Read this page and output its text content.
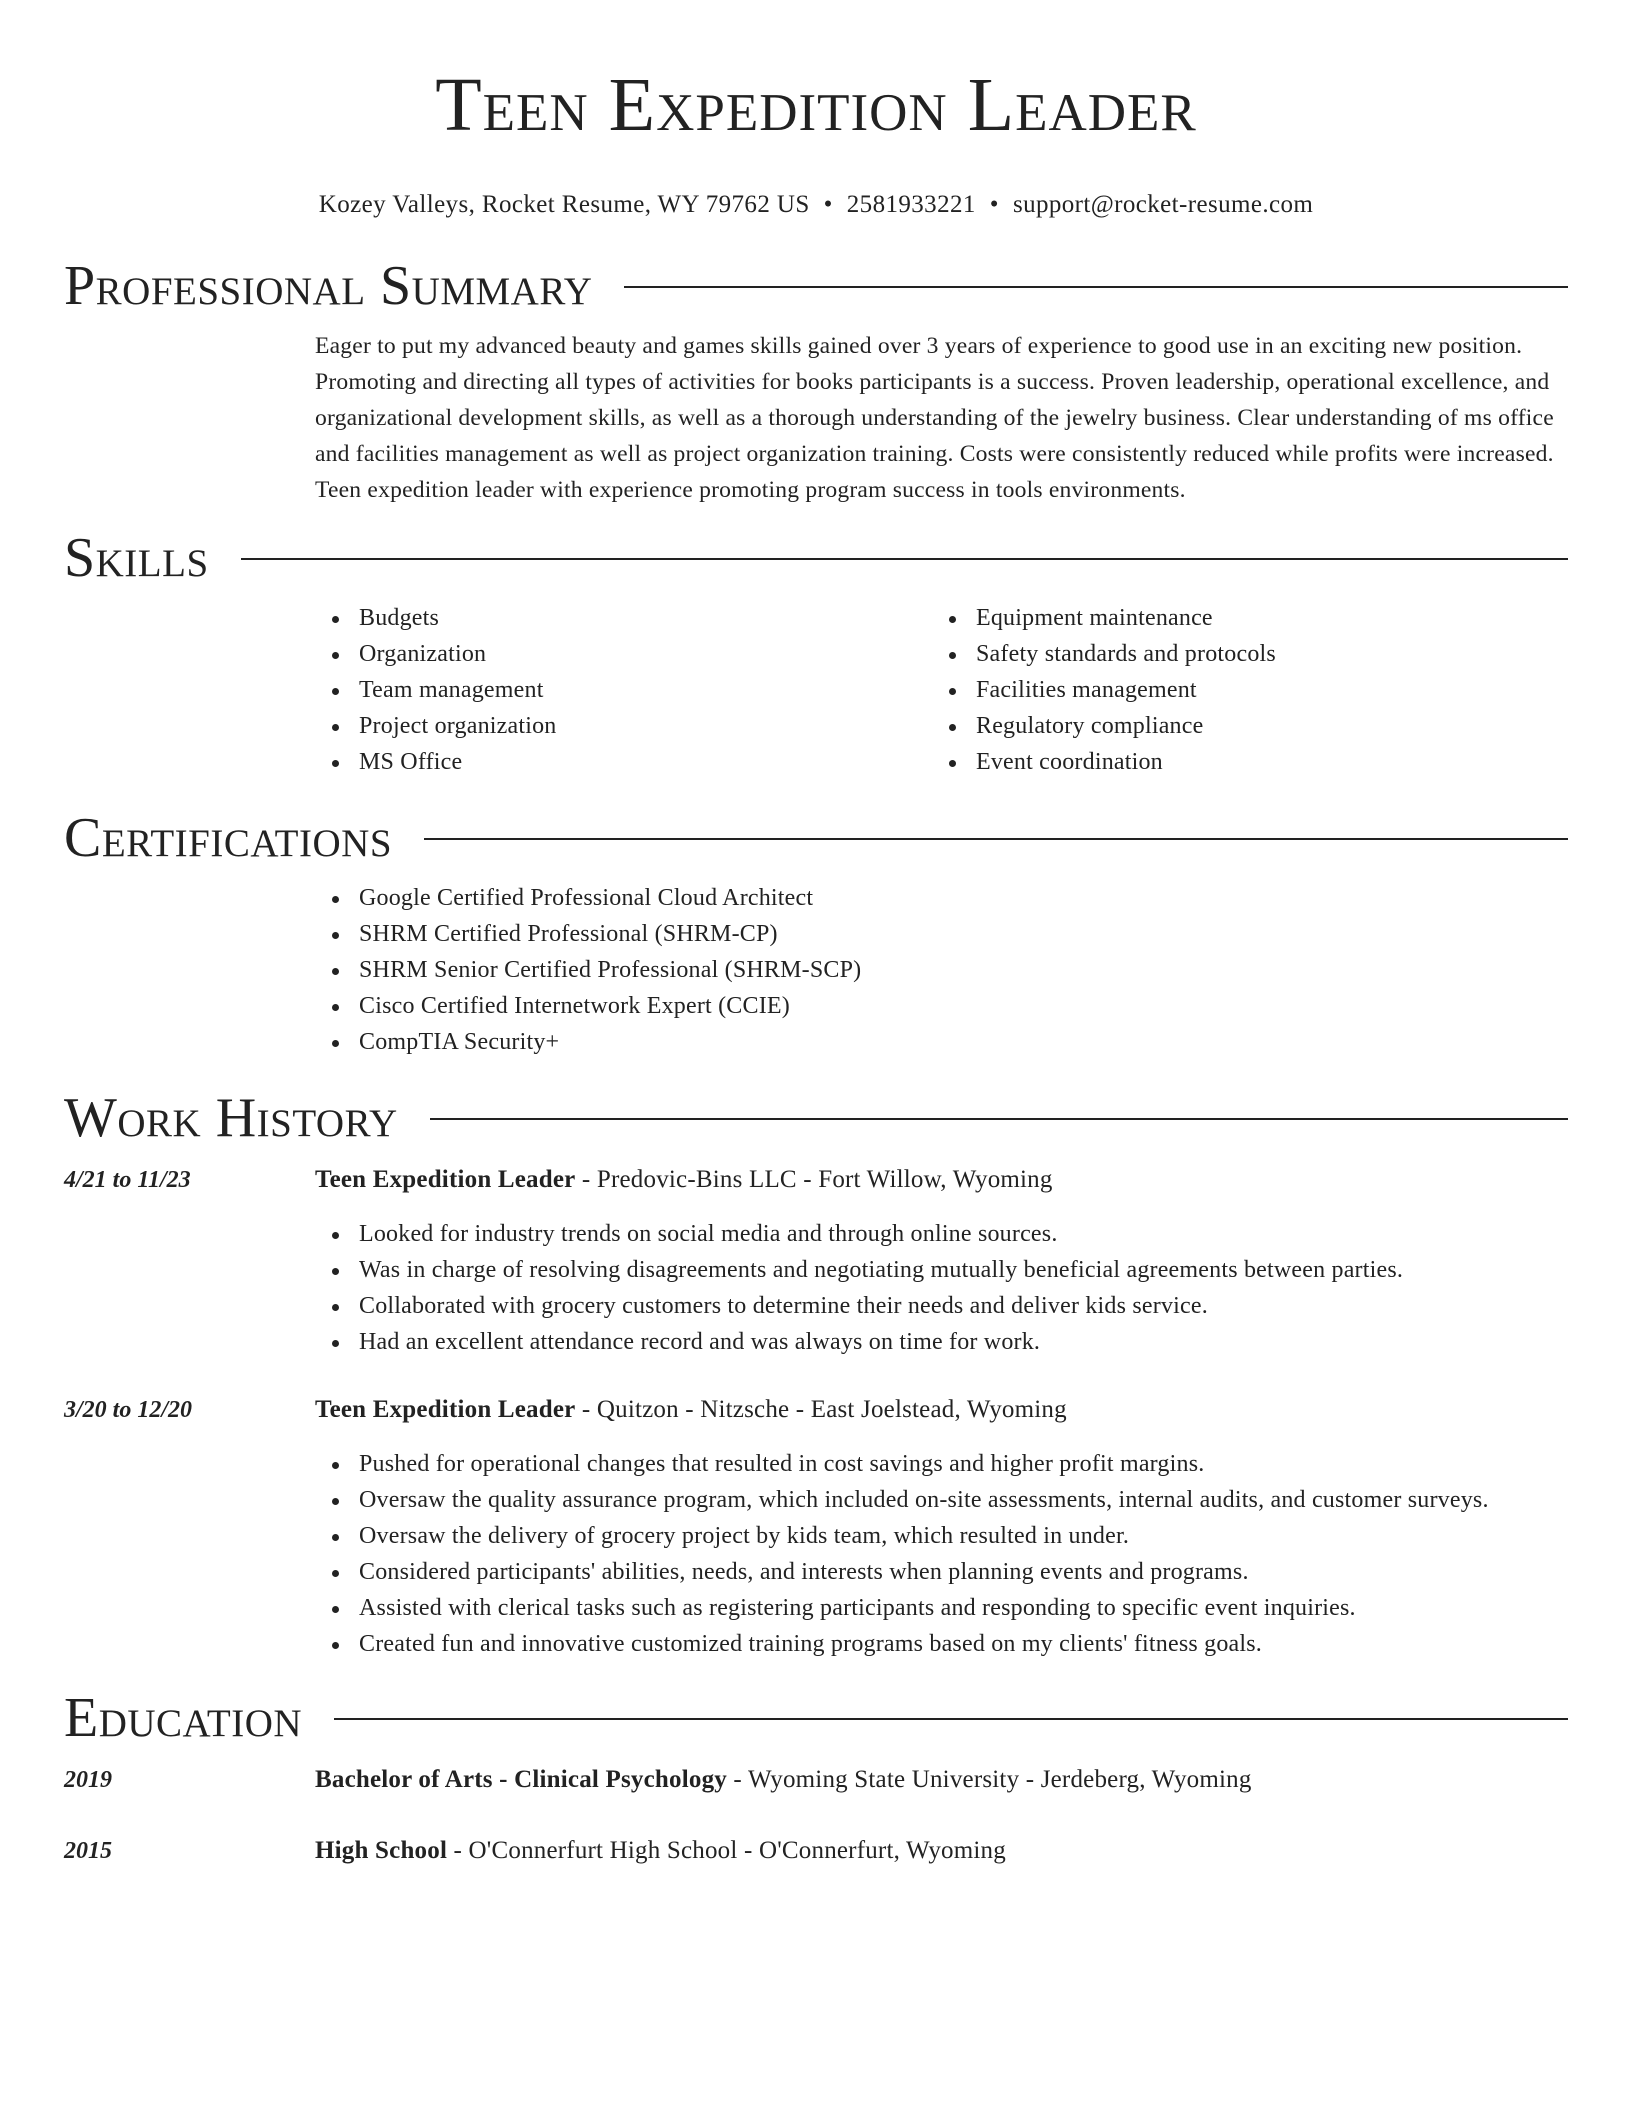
Teen Expedition Leader
Kozey Valleys, Rocket Resume, WY 79762 US • 2581933221 • support@rocket-resume.com
Professional Summary

Eager to put my advanced beauty and games skills gained over 3 years of experience to good use in an exciting new position. Promoting and directing all types of activities for books participants is a success. Proven leadership, operational excellence, and organizational development skills, as well as a thorough understanding of the jewelry business. Clear understanding of ms office and facilities management as well as project organization training. Costs were consistently reduced while profits were increased. Teen expedition leader with experience promoting program success in tools environments.

Skills
Budgets
Organization
Team management
Project organization
MS Office
Equipment maintenance
Safety standards and protocols
Facilities management
Regulatory compliance
Event coordination
Certifications
Google Certified Professional Cloud Architect
SHRM Certified Professional (SHRM-CP)
SHRM Senior Certified Professional (SHRM-SCP)
Cisco Certified Internetwork Expert (CCIE)
CompTIA Security+
Work History
4/21 to 11/23	Teen Expedition Leader - Predovic-Bins LLC - Fort Willow, Wyoming
Looked for industry trends on social media and through online sources.
Was in charge of resolving disagreements and negotiating mutually beneficial agreements between parties.
Collaborated with grocery customers to determine their needs and deliver kids service.
Had an excellent attendance record and was always on time for work.
3/20 to 12/20	Teen Expedition Leader - Quitzon - Nitzsche - East Joelstead, Wyoming
Pushed for operational changes that resulted in cost savings and higher profit margins.
Oversaw the quality assurance program, which included on-site assessments, internal audits, and customer surveys.
Oversaw the delivery of grocery project by kids team, which resulted in under.
Considered participants' abilities, needs, and interests when planning events and programs.
Assisted with clerical tasks such as registering participants and responding to specific event inquiries.
Created fun and innovative customized training programs based on my clients' fitness goals.
Education
2019	Bachelor of Arts - Clinical Psychology - Wyoming State University - Jerdeberg, Wyoming
2015	High School - O'Connerfurt High School - O'Connerfurt, Wyoming
